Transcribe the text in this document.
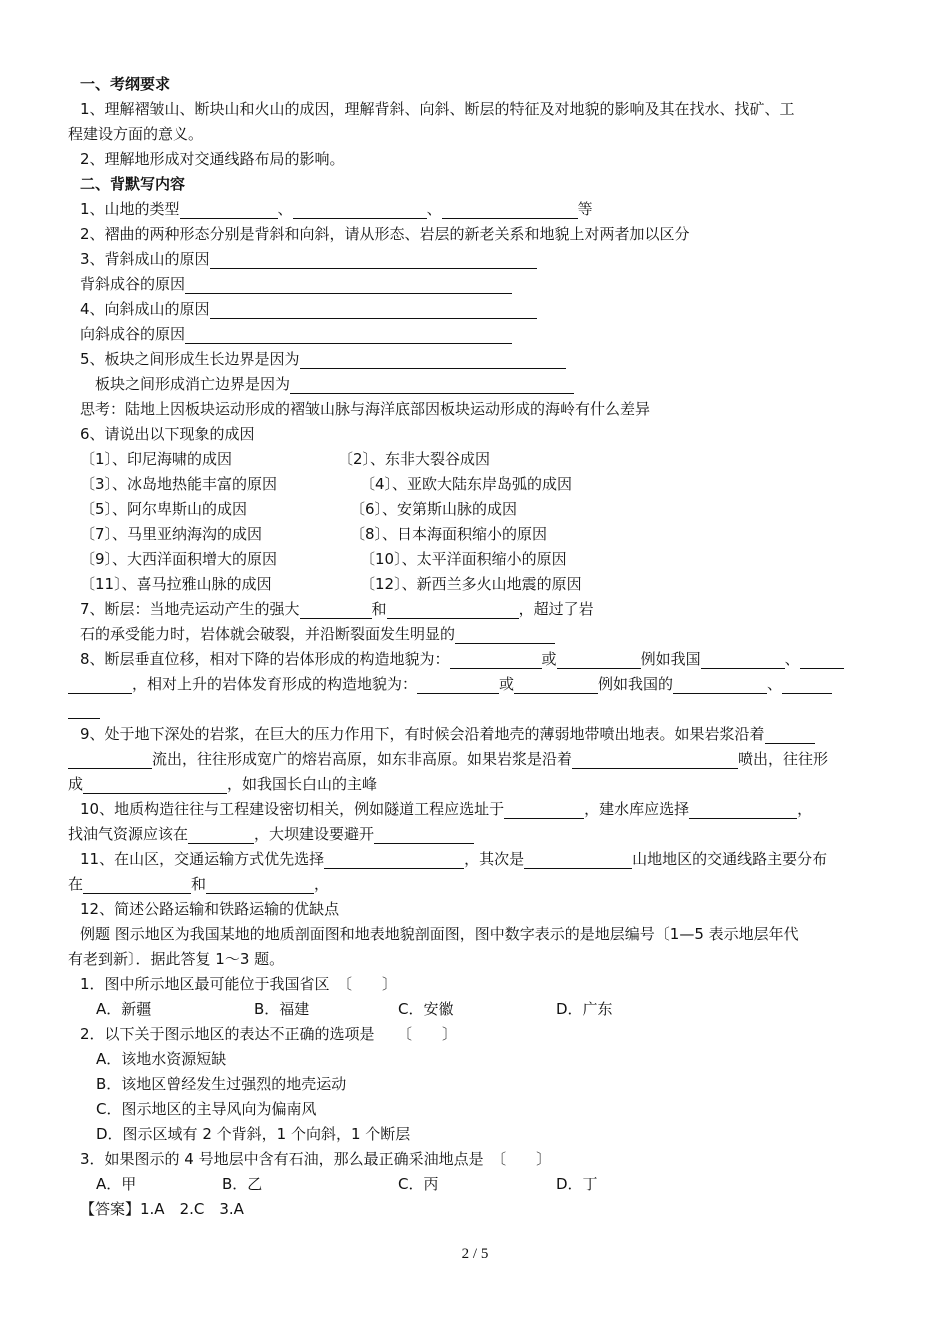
一、考纲要求
1、理解褶皱山、断块山和火山的成因，理解背斜、向斜、断层的特征及对地貌的影响及其在找水、找矿、工
程建设方面的意义。
2、理解地形成对交通线路布局的影响。
二、背默写内容
1、山地的类型	、	、	等
2、褶曲的两种形态分别是背斜和向斜，请从形态、岩层的新老关系和地貌上对两者加以区分
3、背斜成山的原因
背斜成谷的原因
4、向斜成山的原因
向斜成谷的原因
5、板块之间形成生长边界是因为
板块之间形成消亡边界是因为
思考：陆地上因板块运动形成的褶皱山脉与海洋底部因板块运动形成的海岭有什么差异
6、请说出以下现象的成因
〔1〕、印尼海啸的成因	〔2〕、东非大裂谷成因
〔3〕、冰岛地热能丰富的原因	〔4〕、亚欧大陆东岸岛弧的成因
〔5〕、阿尔卑斯山的成因	〔6〕、安第斯山脉的成因
〔7〕、马里亚纳海沟的成因	〔8〕、日本海面积缩小的原因
〔9〕、大西洋面积增大的原因	〔10〕、太平洋面积缩小的原因
〔11〕、喜马拉雅山脉的成因	〔12〕、新西兰多火山地震的原因
7、断层：当地壳运动产生的强大	和	，超过了岩
石的承受能力时，岩体就会破裂，并沿断裂面发生明显的
8、断层垂直位移，相对下降的岩体形成的构造地貌为：	或	例如我国	、
，相对上升的岩体发育形成的构造地貌为：	或	例如我国的	、
9、处于地下深处的岩浆，在巨大的压力作用下，有时候会沿着地壳的薄弱地带喷出地表。如果岩浆沿着
流出，往往形成宽广的熔岩高原，如东非高原。如果岩浆是沿着	喷出，往往形
成	，如我国长白山的主峰
10、地质构造往往与工程建设密切相关，例如隧道工程应选址于	，建水库应选择	，
找油气资源应该在	，大坝建设要避开
11、在山区，交通运输方式优先选择	，其次是	山地地区的交通线路主要分布
在	和	，
12、简述公路运输和铁路运输的优缺点
例题 图示地区为我国某地的地质剖面图和地表地貌剖面图，图中数字表示的是地层编号〔1—5 表示地层年代
有老到新〕．据此答复 1～3 题。
1．图中所示地区最可能位于我国省区　〔　　〕
A．新疆	B．福建	C．安徽	D．广东
2．以下关于图示地区的表达不正确的选项是　　〔　　〕
A．该地水资源短缺
B．该地区曾经发生过强烈的地壳运动
C．图示地区的主导风向为偏南风
D．图示区域有 2 个背斜，1 个向斜，1 个断层
3．如果图示的 4 号地层中含有石油，那么最正确采油地点是　〔　　〕
A．甲	B．乙	C．丙	D．丁
【答案】1.A　2.C　3.A
2 / 5
